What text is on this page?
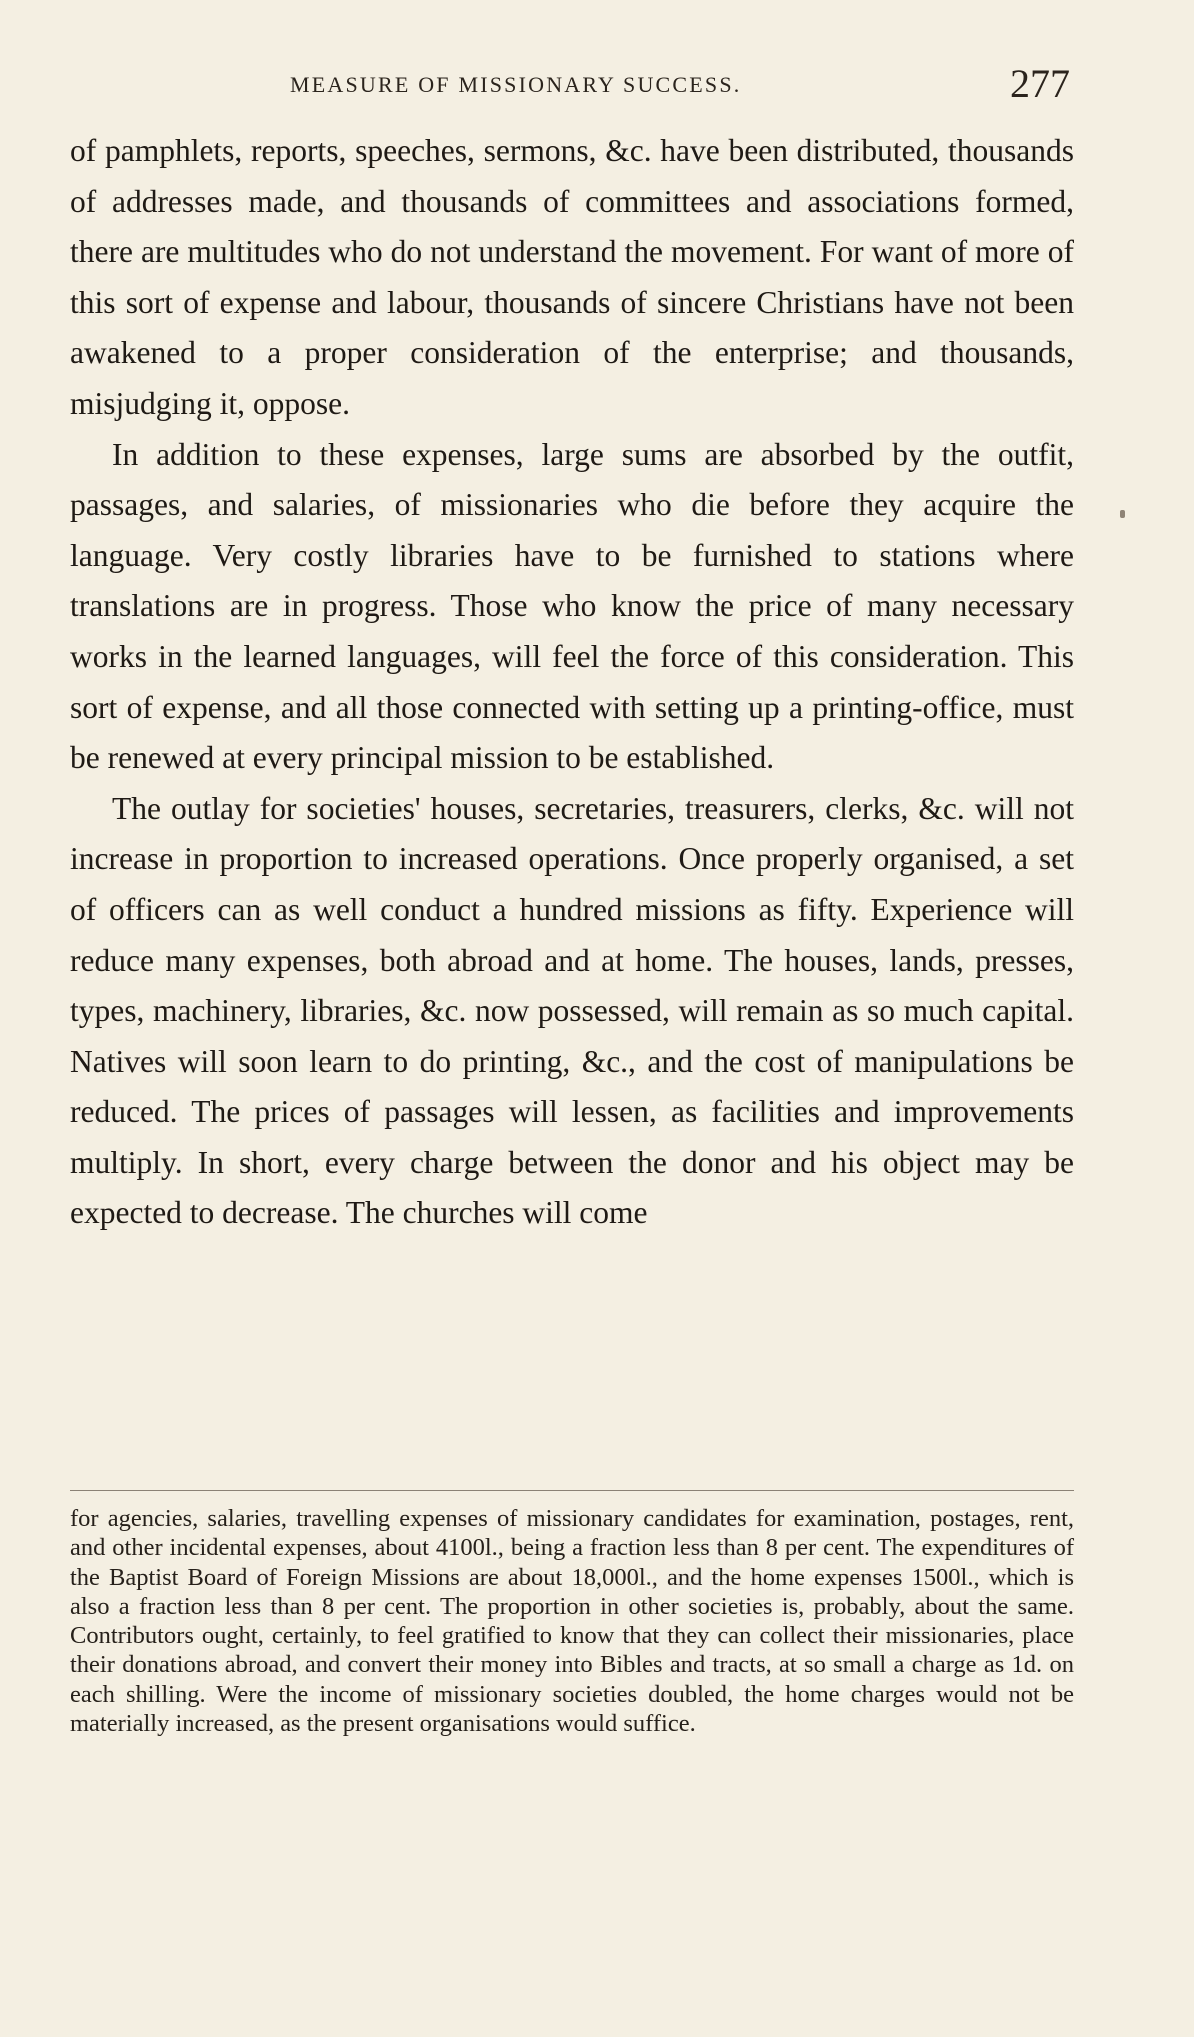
MEASURE OF MISSIONARY SUCCESS.	277

of pamphlets, reports, speeches, sermons, &c. have been distributed, thousands of addresses made, and thousands of committees and associations formed, there are multitudes who do not understand the movement. For want of more of this sort of expense and labour, thousands of sincere Christians have not been awakened to a proper consideration of the enterprise; and thousands, misjudging it, oppose.

In addition to these expenses, large sums are absorbed by the outfit, passages, and salaries, of missionaries who die before they acquire the language. Very costly libraries have to be furnished to stations where translations are in progress. Those who know the price of many necessary works in the learned languages, will feel the force of this consideration. This sort of expense, and all those connected with setting up a printing-office, must be renewed at every principal mission to be established.

The outlay for societies' houses, secretaries, treasurers, clerks, &c. will not increase in proportion to increased operations. Once properly organised, a set of officers can as well conduct a hundred missions as fifty. Experience will reduce many expenses, both abroad and at home. The houses, lands, presses, types, machinery, libraries, &c. now possessed, will remain as so much capital. Natives will soon learn to do printing, &c., and the cost of manipulations be reduced. The prices of passages will lessen, as facilities and improvements multiply. In short, every charge between the donor and his object may be expected to decrease. The churches will come

for agencies, salaries, travelling expenses of missionary candidates for examination, postages, rent, and other incidental expenses, about 4100l., being a fraction less than 8 per cent. The expenditures of the Baptist Board of Foreign Missions are about 18,000l., and the home expenses 1500l., which is also a fraction less than 8 per cent. The proportion in other societies is, probably, about the same. Contributors ought, certainly, to feel gratified to know that they can collect their missionaries, place their donations abroad, and convert their money into Bibles and tracts, at so small a charge as 1d. on each shilling. Were the income of missionary societies doubled, the home charges would not be materially increased, as the present organisations would suffice.
